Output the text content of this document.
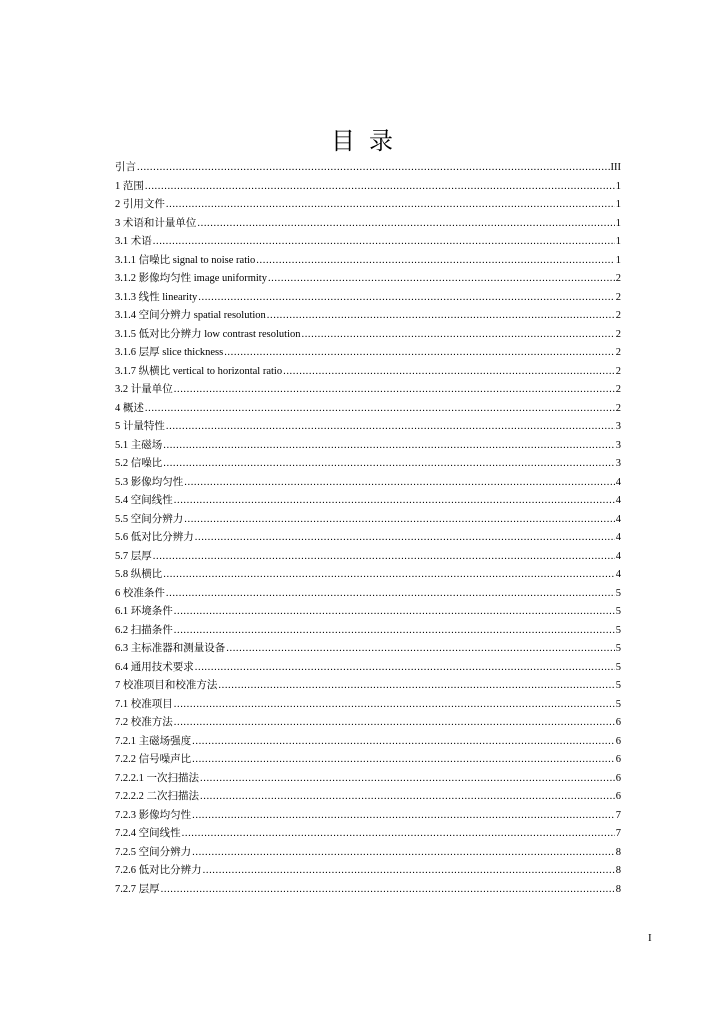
目录
引言 .....	III
1 范围 .....	1
2 引用文件 .....	1
3 术语和计量单位 .....	1
3.1 术语 .....	1
3.1.1 信噪比 signal to noise ratio .....	1
3.1.2 影像均匀性 image uniformity .....	2
3.1.3 线性 linearity .....	2
3.1.4 空间分辨力 spatial resolution .....	2
3.1.5 低对比分辨力 low contrast resolution .....	2
3.1.6 层厚 slice thickness .....	2
3.1.7 纵横比 vertical to horizontal ratio .....	2
3.2 计量单位 .....	2
4 概述 .....	2
5 计量特性 .....	3
5.1 主磁场 .....	3
5.2 信噪比 .....	3
5.3 影像均匀性 .....	4
5.4 空间线性 .....	4
5.5 空间分辨力 .....	4
5.6 低对比分辨力 .....	4
5.7 层厚 .....	4
5.8 纵横比 .....	4
6 校准条件 .....	5
6.1 环境条件 .....	5
6.2 扫描条件 .....	5
6.3 主标准器和测量设备 .....	5
6.4 通用技术要求 .....	5
7 校准项目和校准方法 .....	5
7.1 校准项目 .....	5
7.2 校准方法 .....	6
7.2.1 主磁场强度 .....	6
7.2.2 信号噪声比 .....	6
7.2.2.1 一次扫描法 .....	6
7.2.2.2 二次扫描法 .....	6
7.2.3 影像均匀性 .....	7
7.2.4 空间线性 .....	7
7.2.5 空间分辨力 .....	8
7.2.6 低对比分辨力 .....	8
7.2.7 层厚 .....	8
I
